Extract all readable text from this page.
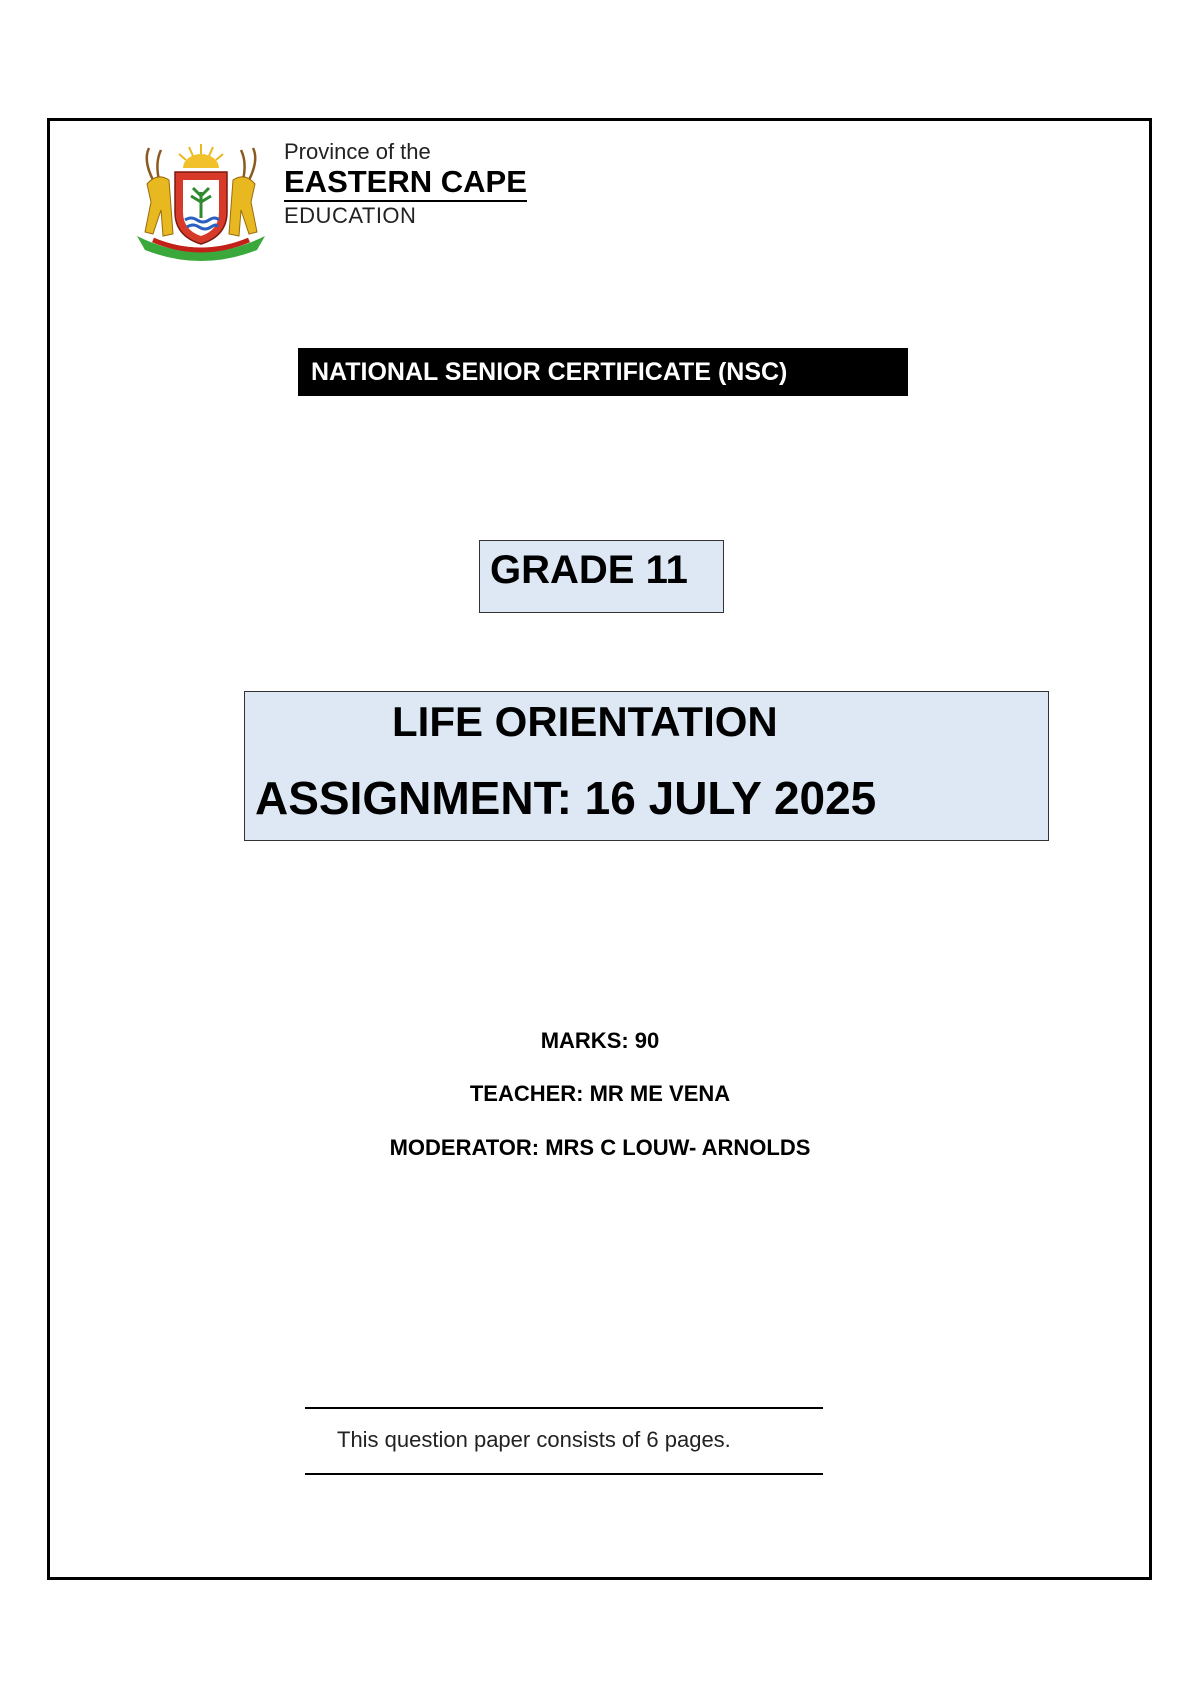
Province of the
EASTERN CAPE
EDUCATION
NATIONAL SENIOR CERTIFICATE (NSC)
GRADE 11
LIFE ORIENTATION
ASSIGNMENT: 16 JULY 2025
MARKS: 90
TEACHER: MR ME VENA
MODERATOR: MRS C LOUW- ARNOLDS
This question paper consists of 6 pages.
